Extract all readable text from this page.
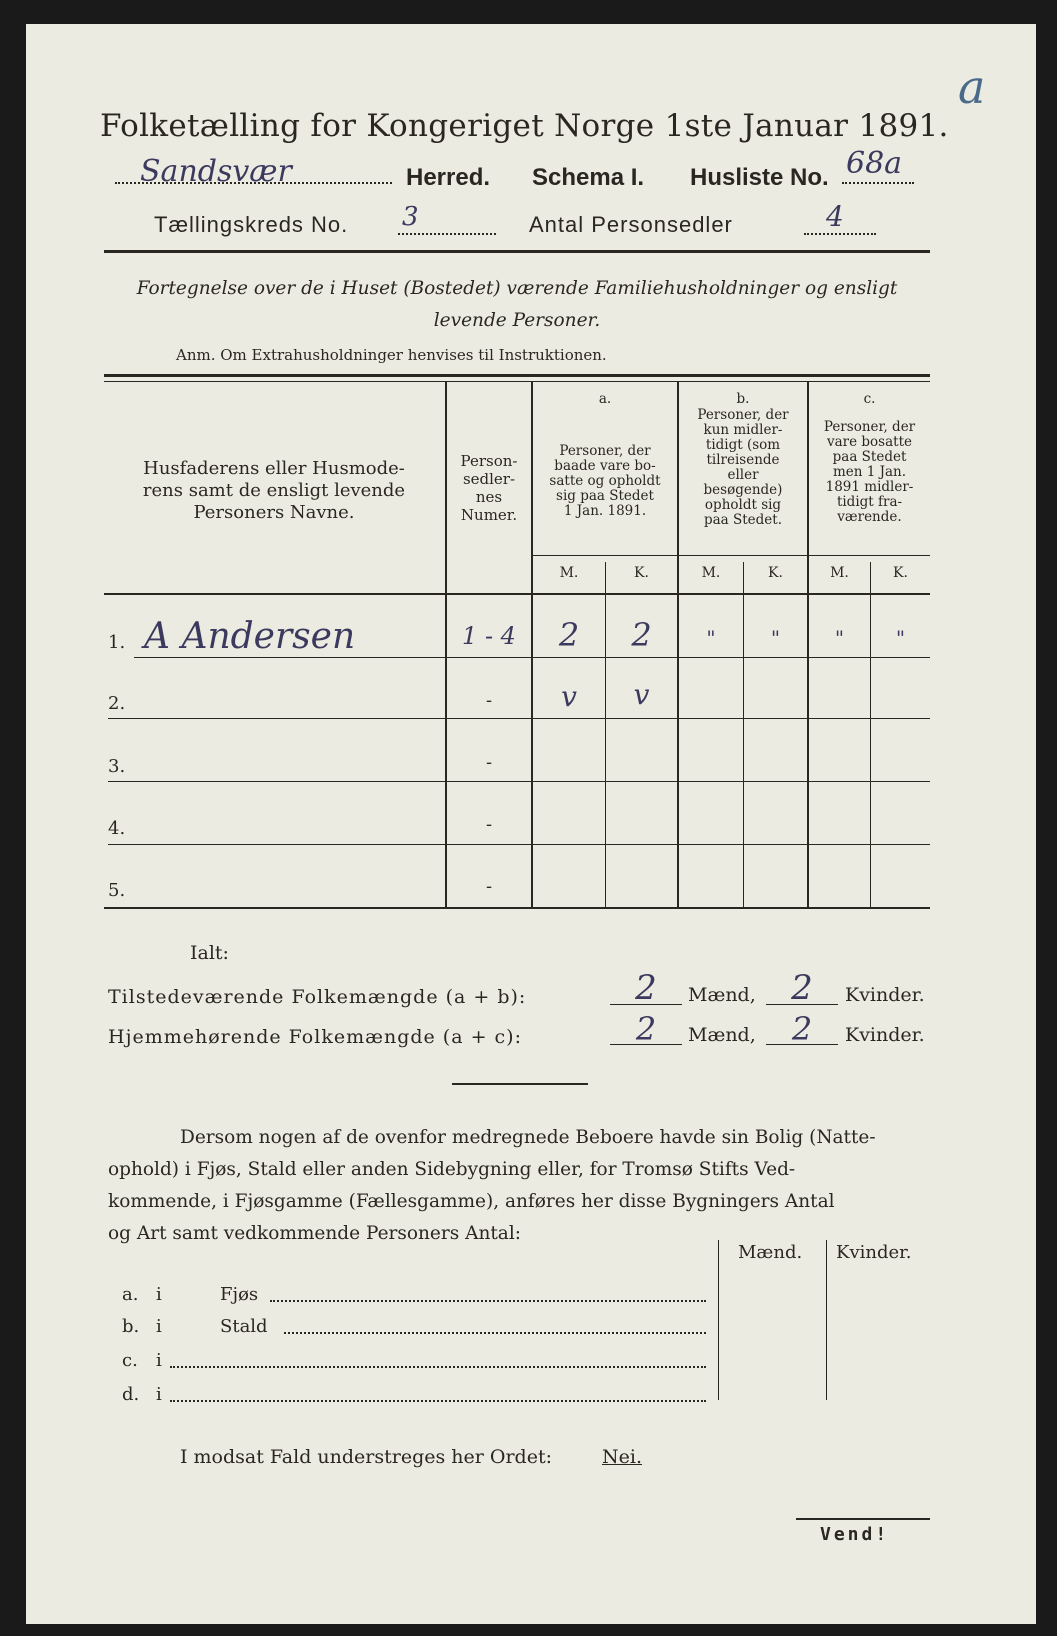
a
Folketælling for Kongeriget Norge 1ste Januar 1891.
Sandsvær	Herred. Schema I. Husliste No. 68a
Tællingskreds No. 3	Antal Personsedler	4
Fortegnelse over de i Huset (Bostedet) værende Familiehusholdninger og ensligt
levende Personer.
Anm. Om Extrahusholdninger henvises til Instruktionen.
Husfaderens eller Husmode-
rens samt de ensligt levende
Personers Navne.
Person-
sedler-
nes
Numer.
a.
Personer, der
baade vare bo-
satte og opholdt
sig paa Stedet
1 Jan. 1891.
b.
Personer, der
kun midler-
tidigt (som
tilreisende
eller
besøgende)
opholdt sig
paa Stedet.
c.
Personer, der
vare bosatte
paa Stedet
men 1 Jan.
1891 midler-
tidigt fra-
værende.
M.	K.	M.	K.	M.	K.
1. A Andersen	1 - 4	2	2	"	"	"	"
2.	-	v	v
3.	-
4.	-
5.	-
Ialt:
Tilstedeværende Folkemængde (a + b):	2	Mænd,	2	Kvinder.
Hjemmehørende Folkemængde (a + c):	2	Mænd,	2	Kvinder.
Dersom nogen af de ovenfor medregnede Beboere havde sin Bolig (Natte-
ophold) i Fjøs, Stald eller anden Sidebygning eller, for Tromsø Stifts Ved-
kommende, i Fjøsgamme (Fællesgamme), anføres her disse Bygningers Antal
og Art samt vedkommende Personers Antal:
Mænd. Kvinder.
a. i	Fjøs
b. i	Stald
c. i
d. i
I modsat Fald understreges her Ordet:	Nei.
Vend!
